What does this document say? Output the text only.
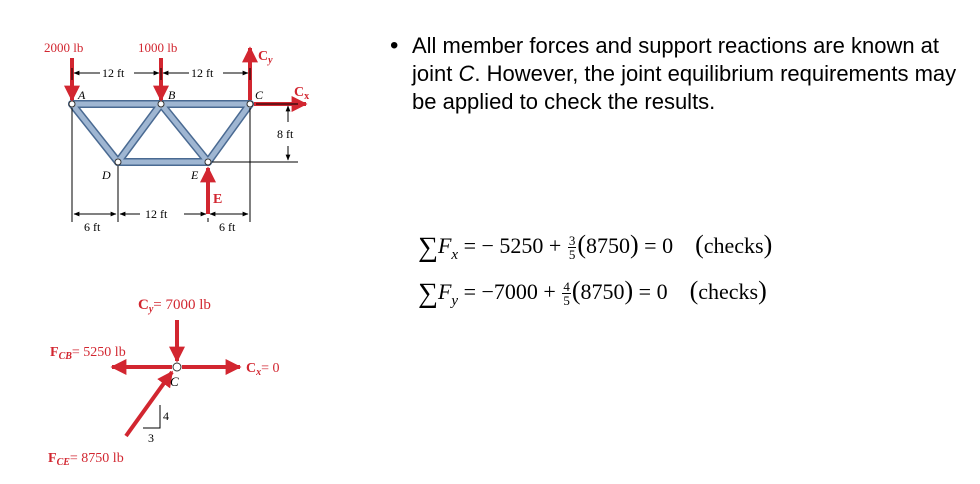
2000 lb	1000 lb
$C_y$
$C_x$
E
A	B	C
D	E
12 ft	12 ft
8 ft
6 ft
12 ft
6 ft
$C_y= 7000$ lb
$F_{CB}= 5250$ lb
$C_x= 0$
$F_{CE}= 8750$ lb
C
4
3
• All member forces and support reactions are known at joint C. However, the joint equilibrium requirements may be applied to check the results.
$\sum F_x$ = − $5250 + \frac{3}{5} (8750) = 0$ (checks)
$\sum F_y = -7000 + \frac{4}{5} (8750) = 0$ (checks)
